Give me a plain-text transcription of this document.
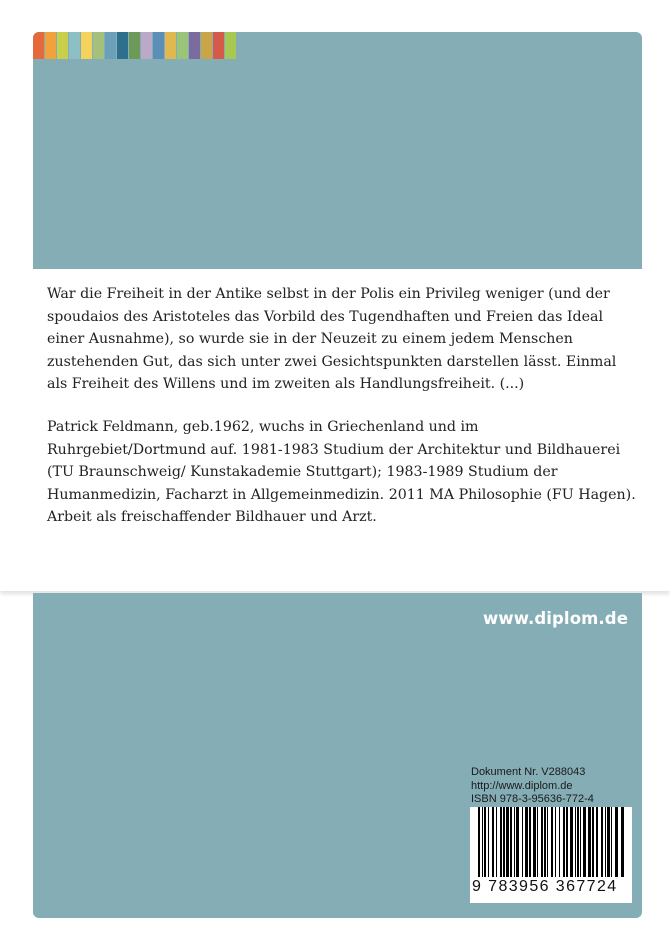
War die Freiheit in der Antike selbst in der Polis ein Privileg weniger (und der spoudaios des Aristoteles das Vorbild des Tugendhaften und Freien das Ideal einer Ausnahme), so wurde sie in der Neuzeit zu einem jedem Menschen zustehenden Gut, das sich unter zwei Gesichtspunkten darstellen lässt. Einmal als Freiheit des Willens und im zweiten als Handlungsfreiheit. (...)

Patrick Feldmann, geb.1962, wuchs in Griechenland und im Ruhrgebiet/Dortmund auf. 1981-1983 Studium der Architektur und Bildhauerei (TU Braunschweig/ Kunstakademie Stuttgart); 1983-1989 Studium der Humanmedizin, Facharzt in Allgemeinmedizin. 2011 MA Philosophie (FU Hagen). Arbeit als freischaffender Bildhauer und Arzt.

www.diplom.de
Dokument Nr. V288043
http://www.diplom.de
ISBN 978-3-95636-772-4
9 783956 367724
